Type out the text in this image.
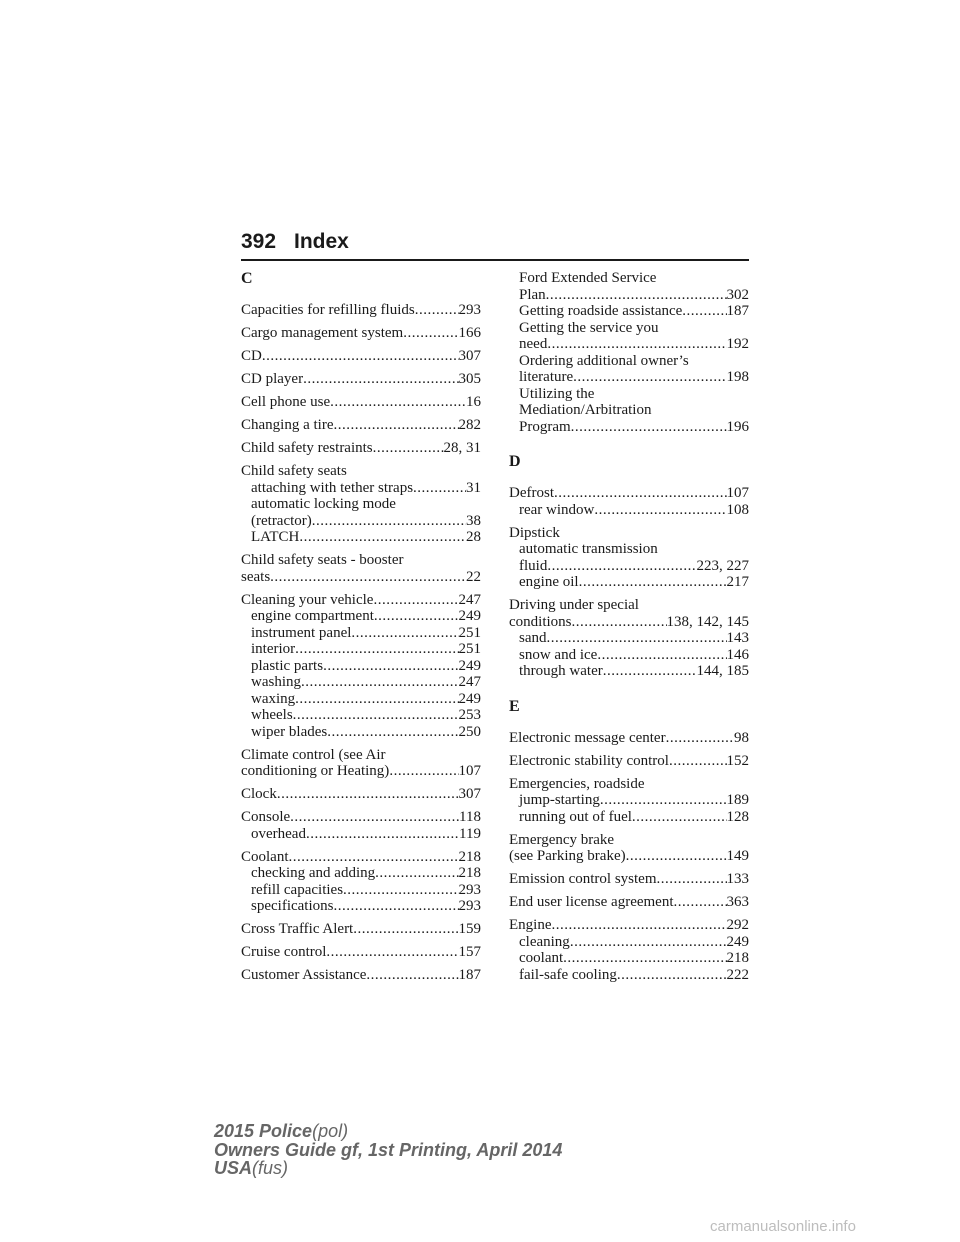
392 Index
C
Capacities for refilling fluids .....	293
Cargo management system .....	166
CD .....	307
CD player .....	305
Cell phone use .....	16
Changing a tire .....	282
Child safety restraints .....	28, 31
Child safety seats
attaching with tether straps .....	31
automatic locking mode
(retractor) .....	38
LATCH .....	28
Child safety seats - booster
seats .....	22
Cleaning your vehicle .....	247
engine compartment .....	249
instrument panel .....	251
interior .....	251
plastic parts .....	249
washing .....	247
waxing .....	249
wheels .....	253
wiper blades .....	250
Climate control (see Air
conditioning or Heating) .....	107
Clock .....	307
Console .....	118
overhead .....	119
Coolant .....	218
checking and adding .....	218
refill capacities .....	293
specifications .....	293
Cross Traffic Alert .....	159
Cruise control .....	157
Customer Assistance .....	187
Ford Extended Service
Plan .....	302
Getting roadside assistance .....	187
Getting the service you
need .....	192
Ordering additional owner’s
literature .....	198
Utilizing the
Mediation/Arbitration
Program .....	196
D
Defrost .....	107
rear window .....	108
Dipstick
automatic transmission
fluid .....	223, 227
engine oil .....	217
Driving under special
conditions .....	138, 142, 145
sand .....	143
snow and ice .....	146
through water .....	144, 185
E
Electronic message center .....	98
Electronic stability control .....	152
Emergencies, roadside
jump-starting .....	189
running out of fuel .....	128
Emergency brake
(see Parking brake) .....	149
Emission control system .....	133
End user license agreement .....	363
Engine .....	292
cleaning .....	249
coolant .....	218
fail-safe cooling .....	222
2015 Police(pol)
Owners Guide gf, 1st Printing, April 2014
USA(fus)
carmanualsonline.info
